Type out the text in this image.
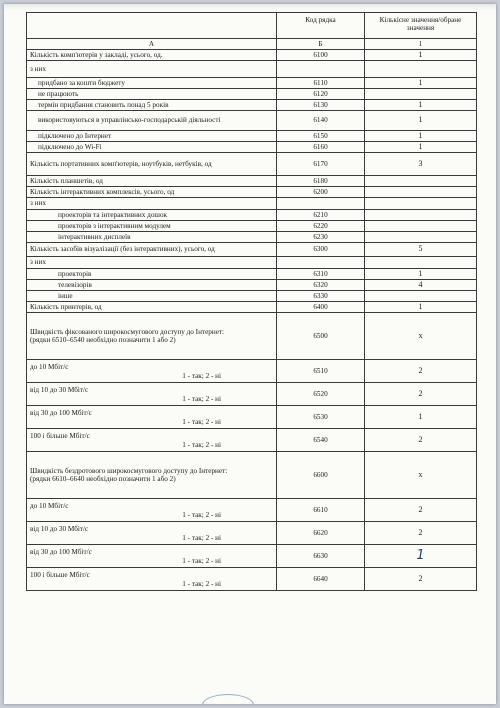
	Код рядка	Кількісне значення/обране значення
А	Б	1

Кількість комп'ютерів у закладі, усього, од.	6100	1

з них		

придбано за кошти бюджету	6110	1

не працюють	6120	

термін придбання становить понад 5 років	6130	1

використовуються в управлінсько-господарській діяльності	6140	1

підключено до Інтернет	6150	1

підключено до Wi-Fi	6160	1

Кількість портативних комп'ютерів, ноутбуків, нетбуків, од	6170	3

Кількість планшетів, од	6180	

Кількість інтерактивних комплексів, усього, од	6200	

з них		

проекторів та інтерактивних дошок	6210	

проекторів з інтерактивним модулем	6220	

інтерактивних дисплеїв	6230	

Кількість засобів візуалізації (без інтерактивних), усього, од	6300	5

з них		

проекторів	6310	1

телевізорів	6320	4

інше	6330	

Кількість принтерів, од	6400	1

Швидкість фіксованого широкосмугового доступу до Інтернет:
(рядки 6510–6540 необхідно позначити 1 або 2)	6500	x

до 10 Мбіт/с
1 - так; 2 - ні	6510	2

від 10 до 30 Мбіт/с
1 - так; 2 - ні	6520	2

від 30 до 100 Мбіт/с
1 - так; 2 - ні	6530	1

100 і більше Мбіт/с
1 - так; 2 - ні	6540	2

Швидкість бездротового широкосмугового доступу до Інтернет:
(рядки 6610–6640 необхідно позначити 1 або 2)	6600	x

до 10 Мбіт/с
1 - так; 2 - ні	6610	2

від 10 до 30 Мбіт/с
1 - так; 2 - ні	6620	2

від 30 до 100 Мбіт/с
1 - так; 2 - ні	6630	1

100 і більше Мбіт/с
1 - так; 2 - ні	6640	2
